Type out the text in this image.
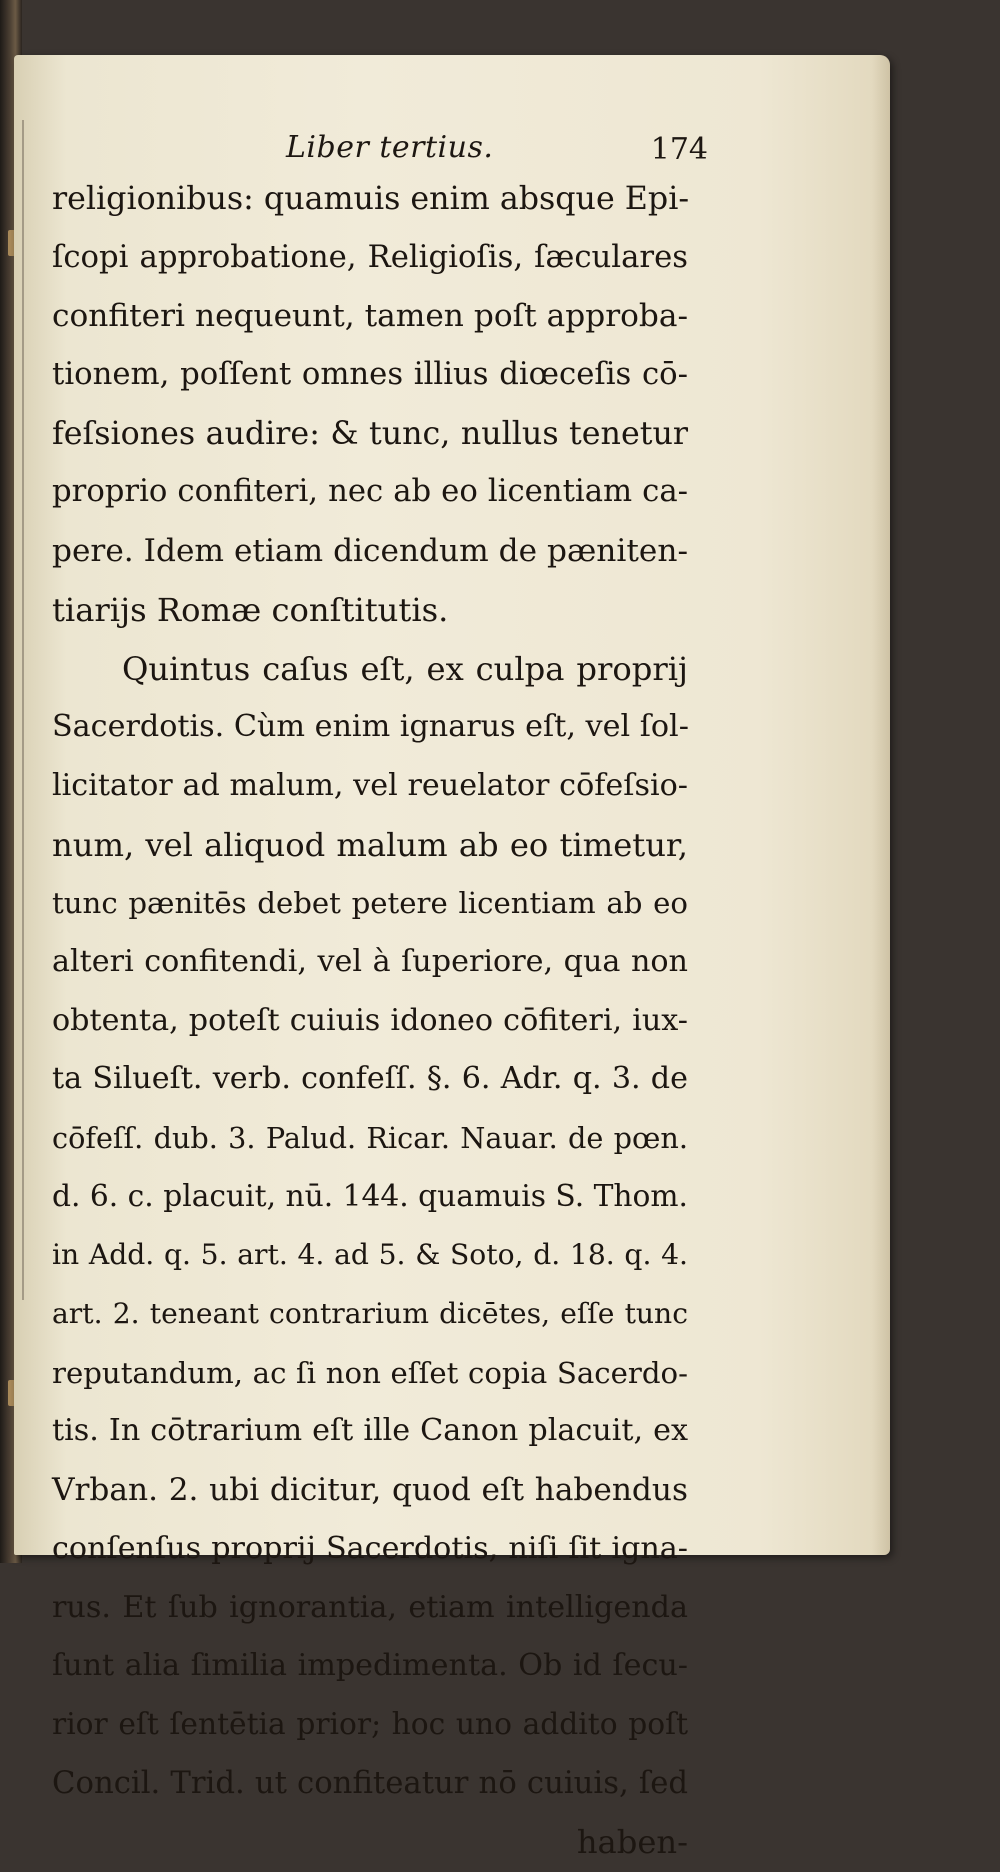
Liber tertius.	174
religionibus: quamuis enim absque Epi-
ſcopi approbatione, Religioſis, ſæculares
confiteri nequeunt, tamen poſt approba-
tionem, poſſent omnes illius diœceſis cō-
feſsiones audire: & tunc, nullus tenetur
proprio confiteri, nec ab eo licentiam ca-
pere. Idem etiam dicendum de pæniten-
tiarijs Romæ conſtitutis.
Quintus caſus eſt, ex culpa proprij
Sacerdotis. Cùm enim ignarus eſt, vel ſol-
licitator ad malum, vel reuelator cōfeſsio-
num, vel aliquod malum ab eo timetur,
tunc pænitēs debet petere licentiam ab eo
alteri confitendi, vel à ſuperiore, qua non
obtenta, poteſt cuiuis idoneo cōfiteri, iux-
ta Silueſt. verb. confeſſ. §. 6. Adr. q. 3. de
cōfeſſ. dub. 3. Palud. Ricar. Nauar. de pœn.
d. 6. c. placuit, nū. 144. quamuis S. Thom.
in Add. q. 5. art. 4. ad 5. & Soto, d. 18. q. 4.
art. 2. teneant contrarium dicētes, eſſe tunc
reputandum, ac ſi non eſſet copia Sacerdo-
tis. In cōtrarium eſt ille Canon placuit, ex
Vrban. 2. ubi dicitur, quod eſt habendus
conſenſus proprij Sacerdotis, niſi ſit igna-
rus. Et ſub ignorantia, etiam intelligenda
ſunt alia ſimilia impedimenta. Ob id ſecu-
rior eſt ſentētia prior; hoc uno addito poſt
Concil. Trid. ut confiteatur nō cuiuis, ſed
haben-
